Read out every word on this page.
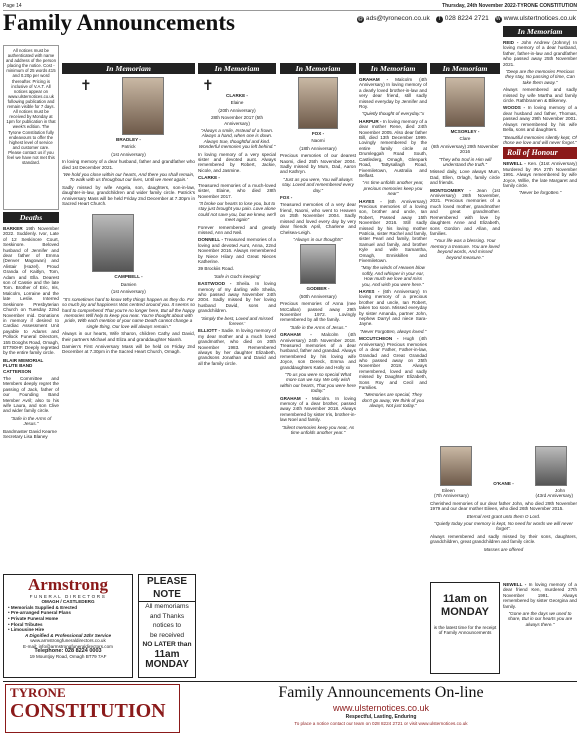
Page 14	Thursday, 24th November 2022-TYRONE CONSTITUTION
Family Announcements	@ ads@tyronecon.co.uk	T 028 8224 2721 W www.ulstertnotices.co.uk
All notices must be authenticated with name and address of the person placing the notice. Cost - minimum of 25 words £15 and 0.20p per word thereafter. Pricing is inclusive of V.A.T. All notices appear on www.ulsternotices.co.uk following publication and remain visible for 7 days. All notices must be received by Monday at 1pm for publication in that week's edition. The Tyrone Constitution fully endeavours to offer the highest level of service and customer care. Please contact us if you feel we have not met this standard.
Deaths

BARKER 19th November 2022. Suddenly. Ivor, Late of 12 Seskinore Court, Seskinore. Beloved husband of Jennifer and dear father of Emma (Denver Magowan) and Alistair (Hazel). Proud Granda of Kaitlyn, Tom, Adam and Ella. Dearest son of Cassie and the late Tom. Brother of Eric, Iris, Malcolm, Lorraine and the late Leslie. Interred Seskinore Presbyterian Church on Tuesday 22nd November mid. Donations in memory if desired to Cardiac Assessment Unit payable to Adams and Pollock Funeral Directors, 155 Dooghs Road, Omagh, BT790HF. Deeply regretted by the entire family circle.

BLAIR MEMORIAL FLUTE BAND CATTERSON

The Committee and Members deeply regret the passing of Jack, father of our Founding Band Member Avril; also to his wife Laura, and son Clive and wider family circle.

"Safe in the Arms of Jesus."

Bandmaster David Kearne Secretary Lisa Blaney

In Memoriam
✝

BRADLEY -

Patrick

(1st Anniversary)

In loving memory of a dear husband, father and grandfather who died 1st December 2021.

'We hold you close within our hearts, And there you shall remain, To walk with us throughout our lives, Until we meet again.'

Sadly missed by wife Angela, son, daughters, son-in-law, daughter-in-law, grandchildren and wider family circle. Patrick's Anniversary Mass will be held Friday 2nd December at 7.30pm in Sacred Heart Church.

CAMPBELL -

Damien

(1st Anniversary)

"It's sometimes hard to know Why things happen as they do. For so much joy and happiness Was centred around you. It seems so hard to comprehend That you're no longer here, But all the happy memories Will help to keep you near. You're thought about with pride, With each mention of your name Death cannot change a single thing, Our love will always remain."

Always in our hearts, Wife Sharon, children Cathy and David, their partners Michael and Eliza and granddaughter Niamh.

Damien's First Anniversary Mass will be held on Friday 2nd December at 7.30pm in the Sacred Heart Church, Omagh.

Armstrong
FUNERAL DIRECTORS
OMAGH / CASTLEDERG
• Memorials Supplied & Erected
• Pre-arranged Funeral Plans
• Private Funeral Home
• Floral Tributes
• Limousine Hire
A Dignified & Professional 24hr Service
www.armstrongfuneraldirectors.co.uk
E-mail: info@armstrongfuneraldirectors.com
Telephone: 028 8224 0003
19 Mountjoy Road, Omagh BT79 7AF
PLEASE NOTE
All memoriams
and Thanks
notices to
be received
NO LATER than
11am MONDAY
In Memoriam
✝

CLARKE -

Elaine

(20th Anniversary)

28th November 2017 (5th Anniversary)

"Always a smile, Instead of a frown. Always a hand, when one is down. Always true, thoughtful and kind. Wonderful memories you left behind."

In loving memory of a very special sister and devoted aunt. Always remembered by Robert, Jackie, Nicole, and Jasmine.

CLARKE -

Treasured memories of a much-loved sister, Elaine, who died 28th November 2017.

"It broke our hearts to lose you, but to stay just brought you pain. Love alone could not save you, but we knew, we'll meet again"

Forever remembered and greatly missed, Ann and Neil.

DONNELL - Treasured memories of a loving and devoted Aunt, Anna, 22nd November 2016. Always remembered by Niece Hilary and Great Nieces Katherine.

39 Brockiis Road.

'Safe in God's keeping'

EASTWOOD - Sheila. In loving memory of my darling wife Sheila, who passed away November 24th 2004. Sadly missed by her loving husband David, sons and grandchildren.

'Simply the best, Loved and missed forever.'

ELLIOTT - Sadie. In loving memory of my dear mother and a much loved grandmother, who died on 20th November 1983. Remembered always by her daughter Elizabeth, grandsons Jonathan and David and all the family circle.

In Memoriam

FOX -

Naomi

(18th Anniversary)

Precious memories of our dearest Naomi, died 25th November 2004. Sadly missed by Mum, Dad, Aaron and Kathryn.

"Just as you were, You will always stay. Loved and remembered every day."

FOX -

Treasured memories of a very dear friend, Naomi, who went to Heaven on 25th November 2004. Sadly missed and loved every day by very dear friends April, Charlene and Chelsea-Leigh.

"Always in our thoughts"

GODBER -

(50th Anniversary)

Precious memories of Anna (nee McCallan) passed away 29th November 1972. Lovingly remembered by all the family.

"Safe in the Arms of Jesus."

GRAHAM - Malcolm (4th Anniversary) 24th November 2018. Treasured memories of a dear husband, father and grandad. Always remembered by his loving wife Joyce, son Dereck, Emma and granddaughters Katie and Holly xx

"To us you were so special What more can we say. We only wish within our hearts, That you were here today."

GRAHAM - Malcolm. In loving memory of a dear brother, passed away 24th November 2018. Always remembered by sister Iris, brother-in-law Noel and family.

"Silent memories keep you near, As time unfolds another year."

In Memoriam

GRAHAM - Malcolm (4th Anniversary) In loving memory of a dearly loved brother-in-law and very dear friend, still sadly missed everyday by Jennifer and Roy.

"Quietly thought of everyday."x

HARPUR - In loving memory of a dear mother Rene, died 24th November 2005. Also dear father Bill, died 13th December 1999. Lovingly remembered by the entire family circle at Drumleggah Road South, Castlederg, Omagh, Glenpark Road, Tattysallagh Road, Fivemiletown, Australia and Belfast.

"As time unfolds another year, precious memories keep you near"

HAYES - (6th Anniversary) Precious memories of a loving son, brother and uncle, Ian Robert, Passed away 15th November 2016. Still sadly missed by his loving mother Patricia, sister Rachel and family, sister Pearl and family, brother Samuel and family, and brother Kyle and wife Samantha, Omagh, Enniskillen and Fivemiletown.

"May the winds of Heaven blow softly, And whisper in your ear, How much we love and miss you, And wish you were here."

HAYES - (6th Anniversary) In loving memory of a precious brother and uncle, Ian Robert, taken too soon. Missed everyday by sister Amanda, partner John, nephew Darryl and niece Sara-Jayne.

"Never Forgotten, always loved."

MCCUTCHEON - Hugh (4th Anniversary) Precious memories of a dear Father, Father-in-law, Grandad and Great Grandad who passed away on 25th November 2018. Always remembered, loved and sadly missed by Daughter Elizabeth, Sons Roy and Cecil and Families.

"Memories are special, They don't go away, We think of you always, Not just today."

In Memoriam

MCSORLEY -

Clare

(6th Anniversary) 29th November 2016

"They who trod in Him will understand the truth."

Missed daily, Love always Mum, Dad, Ellen, Orlagh, family circle and friends.

MONTGOMERY - Jean (1st Anniversary) 26th November, 2021. Precious memories of a much loved mother, grandmother and great grandmother. Remembered with love by daughters Anne and Elizabeth, sons Gordon and Allan, and families.

"Your life was a blessing. Your memory a treasure. You are loved beyond words, And missed beyond measure."

In Memoriam

REID - John Andrew (Johnny) In loving memory of a dear husband, father, father-in-law and grandfather who passed away 25th November 2021.

"Deep are the memories Precious they stay, No passing of time, Can take them away."

Always remembered and sadly missed by wife Martha and family circle. Rathbrannen & Blikeney.

WOODS - In loving memory of a dear husband and father, Thomas, passed away 29th November 2001. Always remembered by his wife Bella, sons and daughters.

"Beautiful memories silently kept, Of those we love and will never forget."

Roll of Honour

NEWELL - Ken. (31st Anniversary) Murdered by IRA 27th November 1991. Always remembered by wife Joyce, Willie, the late Margaret and family circle.

"Never be forgotten."

O'KANE -
Eileen	John
(7th Anniversary)	(43rd Anniversary)

Cherished memories of our dear father John, who died 29th November 1979 and our dear mother Eileen, who died 26th November 2015.

Eternal rest grant unto them O Lord.

"Quietly today your memory is kept, No need for words we will never forget".

Always remembered and sadly missed by their sons, daughters, grandchildren, great grandchildren and family circle.

Masses are offered

11am on
MONDAY
is the latest time for the receipt of Family Announcements

NEWELL - In loving memory of a dear friend Ken, murdered 27th November 1991. Always remembered by sister Georgina and family.

"Gone are the days we used to share, But in our hearts you are always there."

TYRONE
CONSTITUTION
Family Announcements On-line
www.ulsternotices.co.uk
Respectful, Lasting, Enduring
To place a notice contact our team on 028 8224 2721 or visit www.ulsternotices.co.uk
